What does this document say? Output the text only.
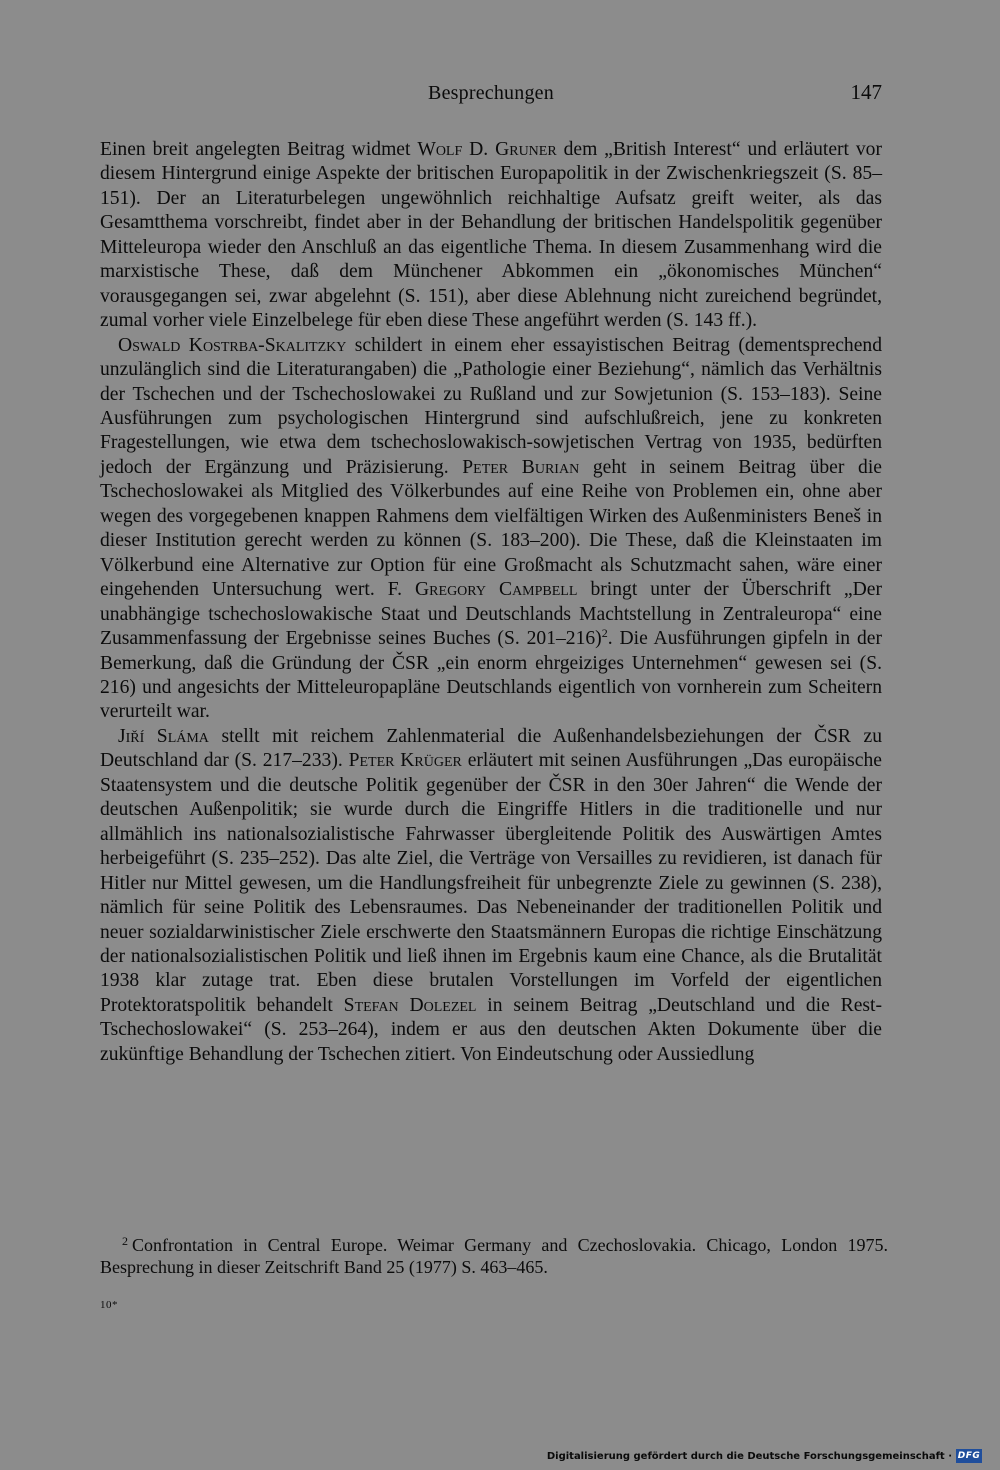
Besprechungen	147

Einen breit angelegten Beitrag widmet Wolf D. Gruner dem „British Interest“ und erläutert vor diesem Hintergrund einige Aspekte der britischen Europapolitik in der Zwischenkriegszeit (S. 85–151). Der an Literaturbelegen ungewöhnlich reichhaltige Aufsatz greift weiter, als das Gesamtthema vorschreibt, findet aber in der Behandlung der britischen Handelspolitik gegenüber Mitteleuropa wieder den Anschluß an das eigentliche Thema. In diesem Zusammenhang wird die marxistische These, daß dem Münchener Abkommen ein „ökonomisches München“ vorausgegangen sei, zwar abgelehnt (S. 151), aber diese Ablehnung nicht zureichend begründet, zumal vorher viele Einzelbelege für eben diese These angeführt werden (S. 143 ff.).

Oswald Kostrba-Skalitzky schildert in einem eher essayistischen Beitrag (dementsprechend unzulänglich sind die Literaturangaben) die „Pathologie einer Beziehung“, nämlich das Verhältnis der Tschechen und der Tschechoslowakei zu Rußland und zur Sowjetunion (S. 153–183). Seine Ausführungen zum psychologischen Hintergrund sind aufschlußreich, jene zu konkreten Fragestellungen, wie etwa dem tschechoslowakisch-sowjetischen Vertrag von 1935, bedürften jedoch der Ergänzung und Präzisierung. Peter Burian geht in seinem Beitrag über die Tschechoslowakei als Mitglied des Völkerbundes auf eine Reihe von Problemen ein, ohne aber wegen des vorgegebenen knappen Rahmens dem vielfältigen Wirken des Außenministers Beneš in dieser Institution gerecht werden zu können (S. 183–200). Die These, daß die Kleinstaaten im Völkerbund eine Alternative zur Option für eine Großmacht als Schutzmacht sahen, wäre einer eingehenden Untersuchung wert. F. Gregory Campbell bringt unter der Überschrift „Der unabhängige tschechoslowakische Staat und Deutschlands Machtstellung in Zentraleuropa“ eine Zusammenfassung der Ergebnisse seines Buches (S. 201–216)$^2$. Die Ausführungen gipfeln in der Bemerkung, daß die Gründung der ČSR „ein enorm ehrgeiziges Unternehmen“ gewesen sei (S. 216) und angesichts der Mitteleuropapläne Deutschlands eigentlich von vornherein zum Scheitern verurteilt war.

Jiří Sláma stellt mit reichem Zahlenmaterial die Außenhandelsbeziehungen der ČSR zu Deutschland dar (S. 217–233). Peter Krüger erläutert mit seinen Ausführungen „Das europäische Staatensystem und die deutsche Politik gegenüber der ČSR in den 30er Jahren“ die Wende der deutschen Außenpolitik; sie wurde durch die Eingriffe Hitlers in die traditionelle und nur allmählich ins nationalsozialistische Fahrwasser übergleitende Politik des Auswärtigen Amtes herbeigeführt (S. 235–252). Das alte Ziel, die Verträge von Versailles zu revidieren, ist danach für Hitler nur Mittel gewesen, um die Handlungsfreiheit für unbegrenzte Ziele zu gewinnen (S. 238), nämlich für seine Politik des Lebensraumes. Das Nebeneinander der traditionellen Politik und neuer sozialdarwinistischer Ziele erschwerte den Staatsmännern Europas die richtige Einschätzung der nationalsozialistischen Politik und ließ ihnen im Ergebnis kaum eine Chance, als die Brutalität 1938 klar zutage trat. Eben diese brutalen Vorstellungen im Vorfeld der eigentlichen Protektoratspolitik behandelt Stefan Dolezel in seinem Beitrag „Deutschland und die Rest-Tschechoslowakei“ (S. 253–264), indem er aus den deutschen Akten Dokumente über die zukünftige Behandlung der Tschechen zitiert. Von Eindeutschung oder Aussiedlung

$^2$ Confrontation in Central Europe. Weimar Germany and Czechoslovakia. Chicago, London 1975. Besprechung in dieser Zeitschrift Band 25 (1977) S. 463–465.
10*
Digitalisierung gefördert durch die Deutsche Forschungsgemeinschaft · DFG
